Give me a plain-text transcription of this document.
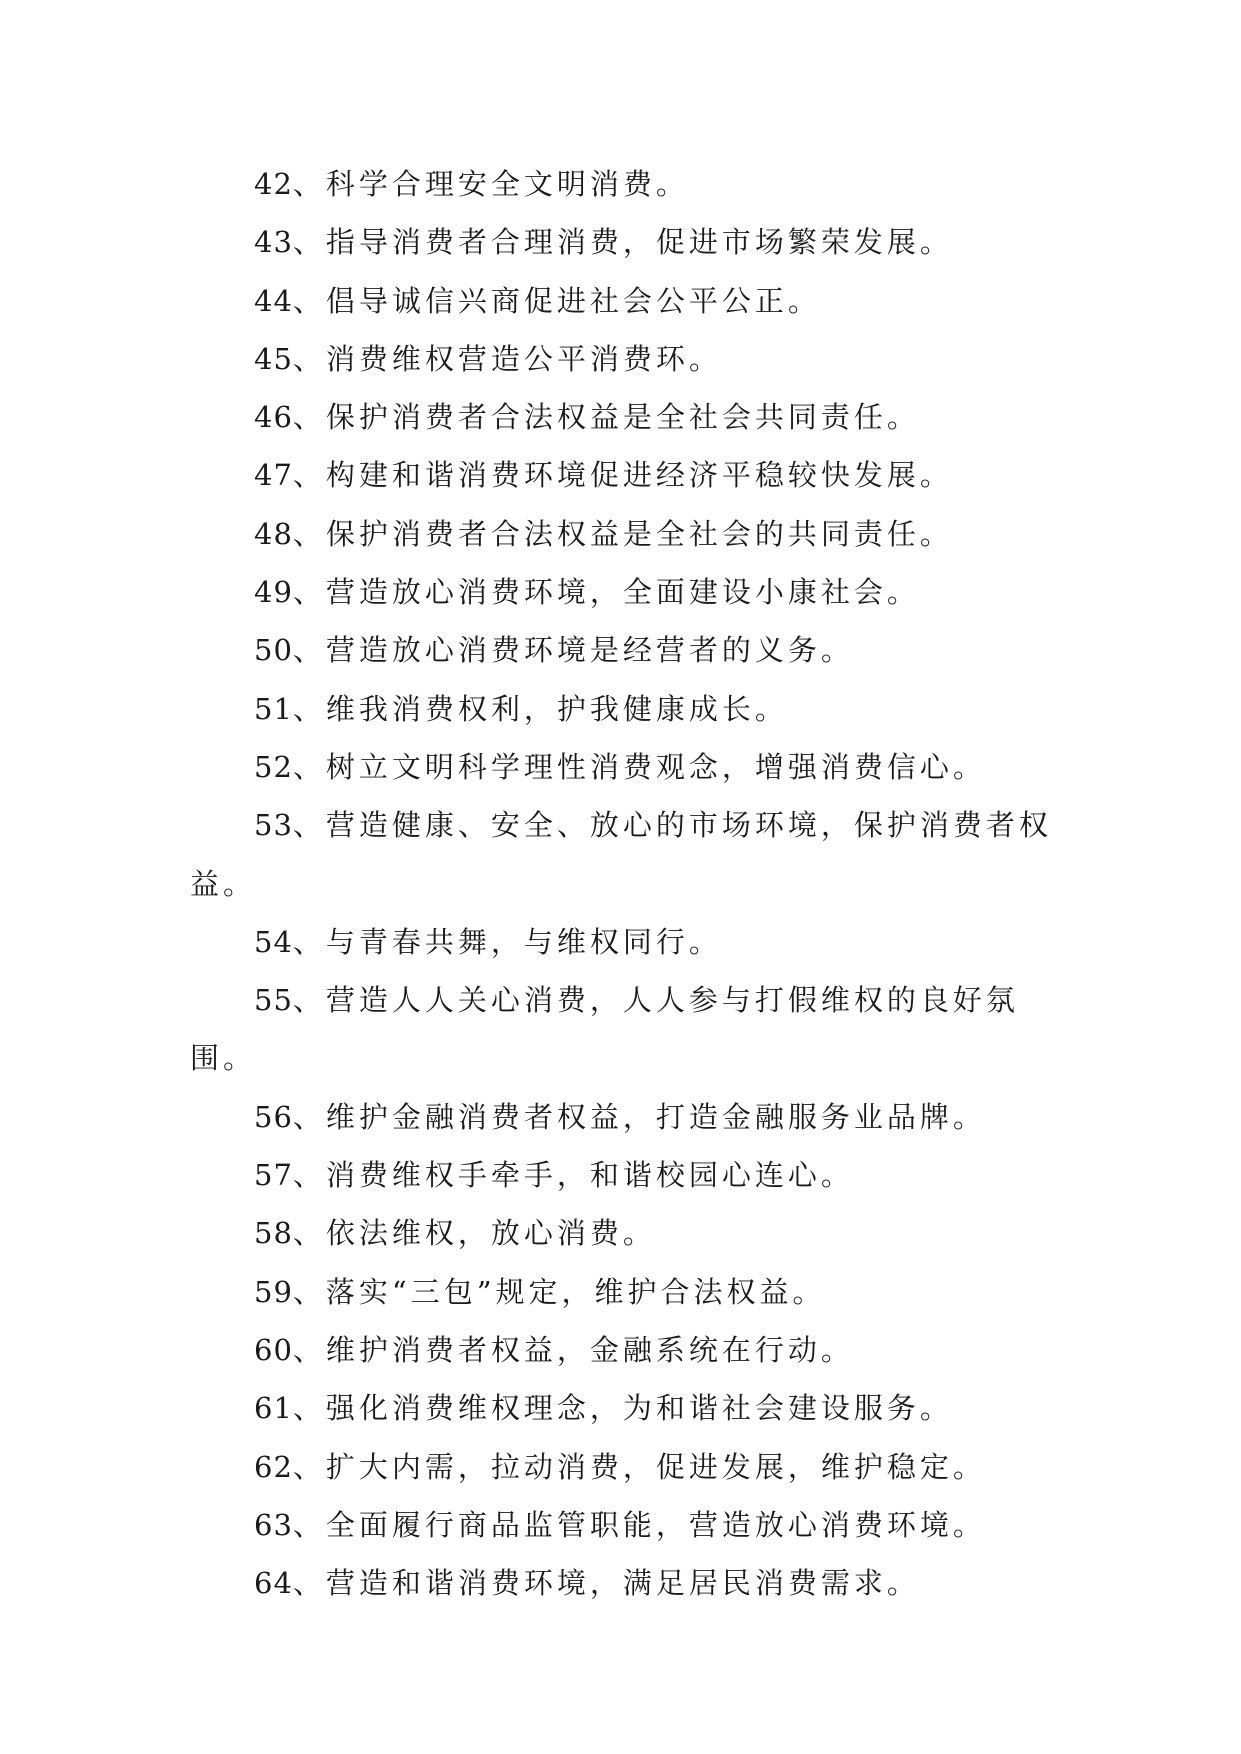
42、科学合理安全文明消费。

43、指导消费者合理消费，促进市场繁荣发展。

44、倡导诚信兴商促进社会公平公正。

45、消费维权营造公平消费环。

46、保护消费者合法权益是全社会共同责任。

47、构建和谐消费环境促进经济平稳较快发展。

48、保护消费者合法权益是全社会的共同责任。

49、营造放心消费环境，全面建设小康社会。

50、营造放心消费环境是经营者的义务。

51、维我消费权利，护我健康成长。

52、树立文明科学理性消费观念，增强消费信心。

53、营造健康、安全、放心的市场环境，保护消费者权益。

54、与青春共舞，与维权同行。

55、营造人人关心消费，人人参与打假维权的良好氛围。

56、维护金融消费者权益，打造金融服务业品牌。

57、消费维权手牵手，和谐校园心连心。

58、依法维权，放心消费。

59、落实“三包”规定，维护合法权益。

60、维护消费者权益，金融系统在行动。

61、强化消费维权理念，为和谐社会建设服务。

62、扩大内需，拉动消费，促进发展，维护稳定。

63、全面履行商品监管职能，营造放心消费环境。

64、营造和谐消费环境，满足居民消费需求。
